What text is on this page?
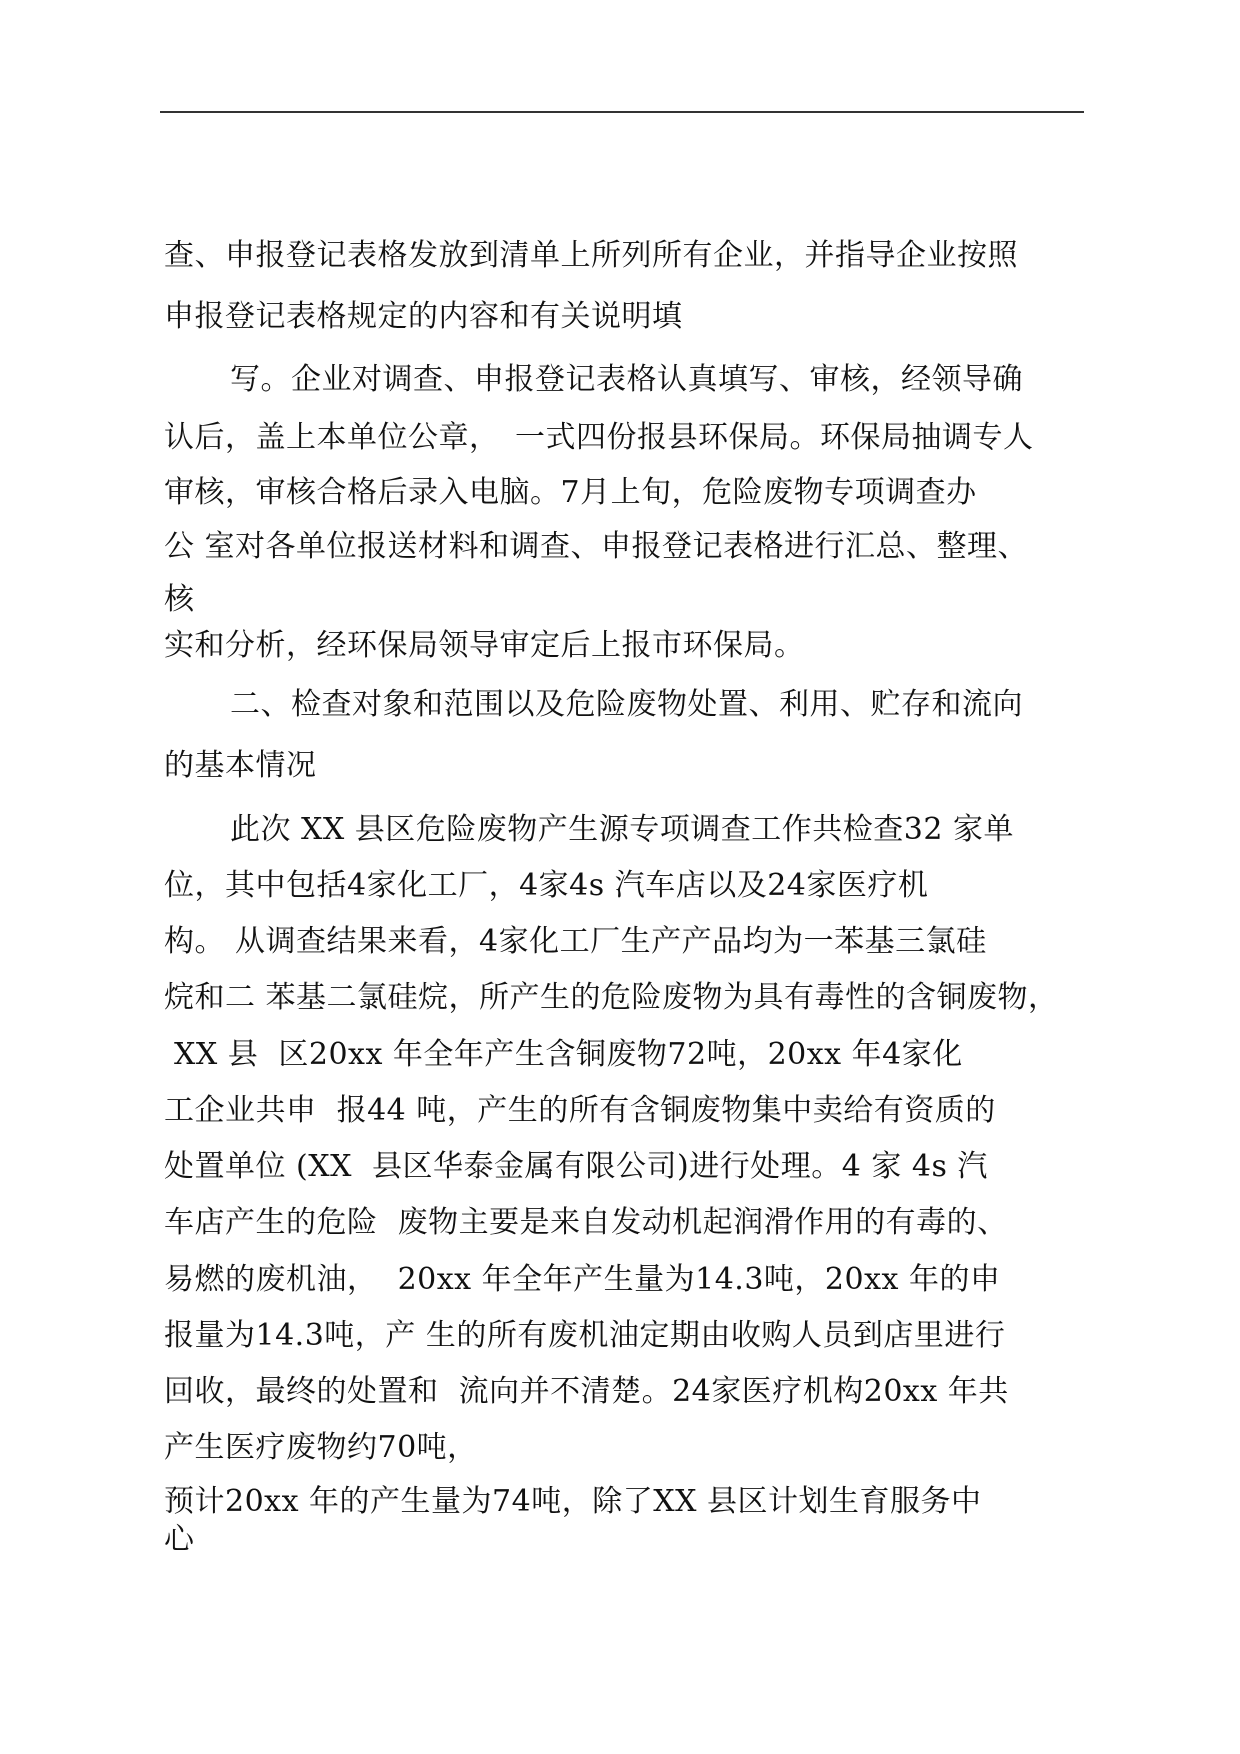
查、申报登记表格发放到清单上所列所有企业，并指导企业按照
申报登记表格规定的内容和有关说明填
写。企业对调查、申报登记表格认真填写、审核，经领导确
认后，盖上本单位公章，　一式四份报县环保局。环保局抽调专人
审核，审核合格后录入电脑。7月上旬，危险废物专项调查办
公 室对各单位报送材料和调查、申报登记表格进行汇总、整理、
核
实和分析，经环保局领导审定后上报市环保局。
二、检查对象和范围以及危险废物处置、利用、贮存和流向
的基本情况
此次 XX 县区危险废物产生源专项调查工作共检查32 家单
位，其中包括4家化工厂，4家4s 汽车店以及24家医疗机
构。 从调查结果来看，4家化工厂生产产品均为一苯基三氯硅
烷和二 苯基二氯硅烷，所产生的危险废物为具有毒性的含铜废物，
XX 县  区20xx 年全年产生含铜废物72吨，20xx 年4家化
工企业共申  报44 吨，产生的所有含铜废物集中卖给有资质的
处置单位 (XX  县区华泰金属有限公司)进行处理。4 家 4s 汽
车店产生的危险  废物主要是来自发动机起润滑作用的有毒的、
易燃的废机油，  20xx 年全年产生量为14.3吨，20xx 年的申
报量为14.3吨，产 生的所有废机油定期由收购人员到店里进行
回收，最终的处置和  流向并不清楚。24家医疗机构20xx 年共
产生医疗废物约70吨，
预计20xx 年的产生量为74吨，除了XX 县区计划生育服务中
心
